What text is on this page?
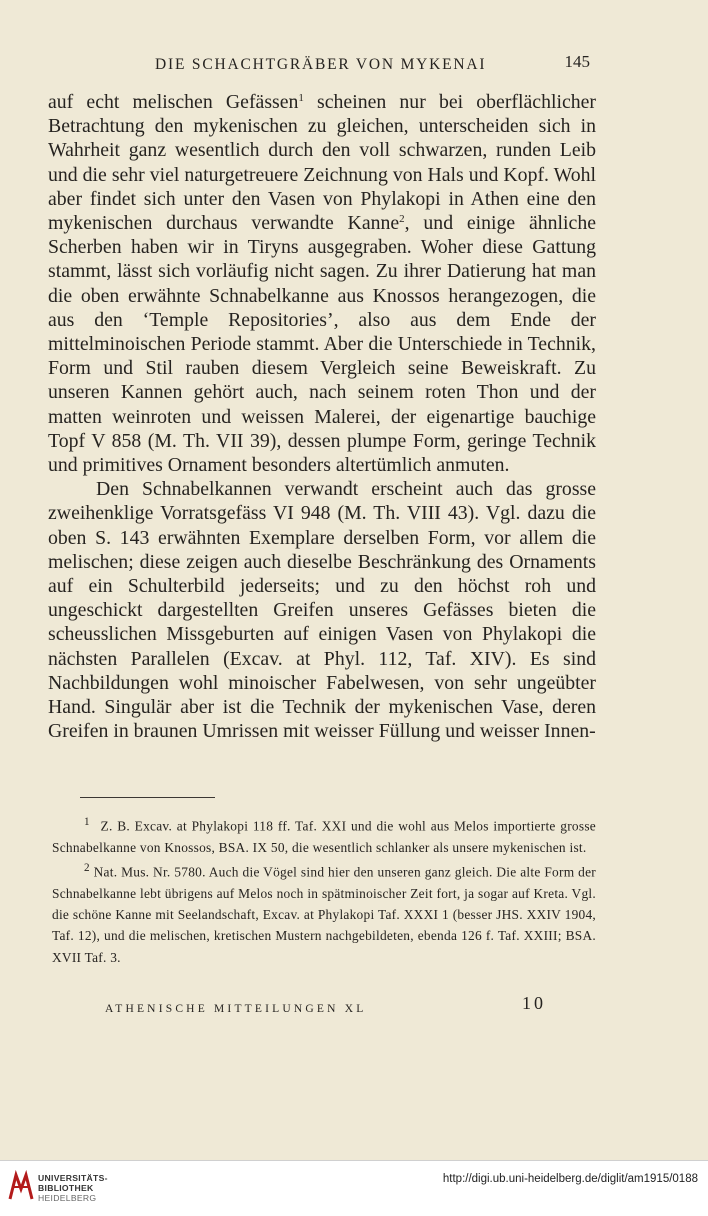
DIE SCHACHTGRÄBER VON MYKENAI	145

auf echt melischen Gefässen$^1$ scheinen nur bei oberflächlicher Betrachtung den mykenischen zu gleichen, unterscheiden sich in Wahrheit ganz wesentlich durch den voll schwarzen, runden Leib und die sehr viel naturgetreuere Zeichnung von Hals und Kopf. Wohl aber findet sich unter den Vasen von Phylakopi in Athen eine den mykenischen durchaus verwandte Kanne$^2$, und einige ähnliche Scherben haben wir in Tiryns ausgegraben. Woher diese Gattung stammt, lässt sich vorläufig nicht sagen. Zu ihrer Datierung hat man die oben erwähnte Schnabelkanne aus Knossos herangezogen, die aus den ‘Temple Repositories’, also aus dem Ende der mittelminoischen Periode stammt. Aber die Unterschiede in Technik, Form und Stil rauben diesem Vergleich seine Beweiskraft. Zu unseren Kannen gehört auch, nach seinem roten Thon und der matten weinroten und weissen Malerei, der eigenartige bauchige Topf V 858 (M. Th. VII 39), dessen plumpe Form, geringe Technik und primitives Ornament besonders altertümlich anmuten.

Den Schnabelkannen verwandt erscheint auch das grosse zweihenklige Vorratsgefäss VI 948 (M. Th. VIII 43). Vgl. dazu die oben S. 143 erwähnten Exemplare derselben Form, vor allem die melischen; diese zeigen auch dieselbe Beschränkung des Ornaments auf ein Schulterbild jederseits; und zu den höchst roh und ungeschickt dargestellten Greifen unseres Gefässes bieten die scheusslichen Missgeburten auf einigen Vasen von Phylakopi die nächsten Parallelen (Excav. at Phyl. 112, Taf. XIV). Es sind Nachbildungen wohl minoischer Fabelwesen, von sehr ungeübter Hand. Singulär aber ist die Technik der mykenischen Vase, deren Greifen in braunen Umrissen mit weisser Füllung und weisser Innen-

$^1$ Z. B. Excav. at Phylakopi 118 ff. Taf. XXI und die wohl aus Melos importierte grosse Schnabelkanne von Knossos, BSA. IX 50, die wesentlich schlanker als unsere mykenischen ist.

$^2$ Nat. Mus. Nr. 5780. Auch die Vögel sind hier den unseren ganz gleich. Die alte Form der Schnabelkanne lebt übrigens auf Melos noch in spätminoischer Zeit fort, ja sogar auf Kreta. Vgl. die schöne Kanne mit Seelandschaft, Excav. at Phylakopi Taf. XXXI 1 (besser JHS. XXIV 1904, Taf. 12), und die melischen, kretischen Mustern nachgebildeten, ebenda 126 f. Taf. XXIII; BSA. XVII Taf. 3.

ATHENISCHE MITTEILUNGEN XL	10
UNIVERSITÄTS-
BIBLIOTHEK
HEIDELBERG
http://digi.ub.uni-heidelberg.de/diglit/am1915/0188
